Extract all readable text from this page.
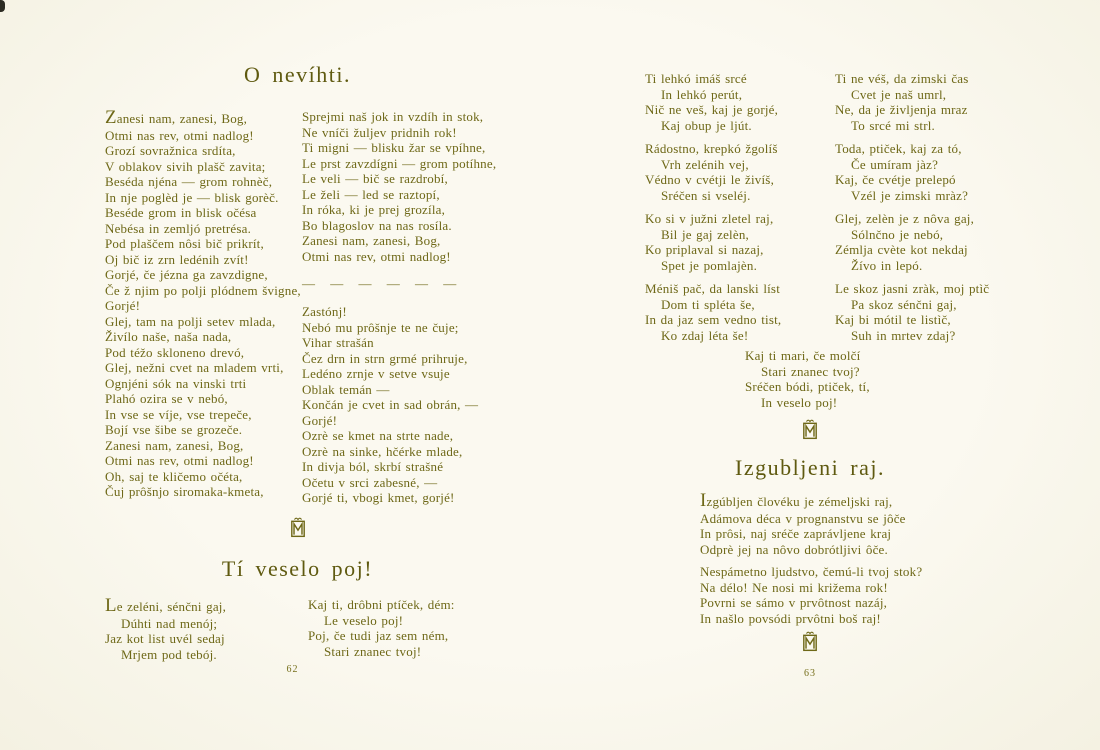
O nevíhti.
Zanesi nam, zanesi, Bog,
Otmi nas rev, otmi nadlog!
Grozí sovražnica srdíta,
V oblakov sivih plašč zavita;
Beséda njéna — grom rohnèč,
In nje poglèd je — blisk gorèč.
Beséde grom in blisk očésa
Nebésa in zemljó pretrésa.
Pod plaščem nôsi bič prikrít,
Oj bič iz zrn ledénih zvít!
Gorjé, če jézna ga zavzdigne,
Če ž njim po polji plódnem švigne,
Gorjé!
Glej, tam na polji setev mlada,
Živílo naše, naša nada,
Pod téžo skloneno drevó,
Glej, nežni cvet na mladem vrti,
Ognjéni sók na vinski trti
Plahó ozira se v nebó,
In vse se víje, vse trepeče,
Bojí vse šibe se grozeče.
Zanesi nam, zanesi, Bog,
Otmi nas rev, otmi nadlog!
Oh, saj te kličemo očéta,
Čuj prôšnjo siromaka-kmeta,
Sprejmi naš jok in vzdíh in stok,
Ne vníči žuljev pridnih rok!
Ti migni — blisku žar se vpíhne,
Le prst zavzdígni — grom potíhne,
Le veli — bič se razdrobí,
Le želi — led se raztopí,
In róka, ki je prej grozíla,
Bo blagoslov na nas rosíla.
Zanesi nam, zanesi, Bog,
Otmi nas rev, otmi nadlog!
— — — — — —
Zastónj!
Nebó mu prôšnje te ne čuje;
Vihar strašán
Čez drn in strn grmé prihruje,
Ledéno zrnje v setve vsuje
Oblak temán —
Končán je cvet in sad obrán, —
Gorjé!
Ozrè se kmet na strte nade,
Ozrè na sinke, hčérke mlade,
In divja ból, skrbí strašné
Očetu v srci zabesné, —
Gorjé ti, vbogi kmet, gorjé!
Tí veselo poj!
Le zeléni, sénčni gaj,
Dúhti nad menój;
Jaz kot list uvél sedaj
Mrjem pod tebój.
Kaj ti, drôbni ptíček, dém:
Le veselo poj!
Poj, če tudi jaz sem ném,
Stari znanec tvoj!
62
Ti lehkó imáš srcé
In lehkó perút,
Nič ne veš, kaj je gorjé,
Kaj obup je ljút.
Rádostno, krepkó žgolíš
Vrh zelénih vej,
Védno v cvétji le živíš,
Sréčen si vseléj.
Ko si v južni zletel raj,
Bil je gaj zelèn,
Ko priplaval si nazaj,
Spet je pomlajèn.
Méniš pač, da lanski líst
Dom ti spléta še,
In da jaz sem vedno tist,
Ko zdaj léta še!
Ti ne véš, da zimski čas
Cvet je naš umrl,
Ne, da je življenja mraz
To srcé mi strl.
Toda, ptiček, kaj za tó,
Če umíram jàz?
Kaj, če cvétje prelepó
Vzél je zimski mràz?
Glej, zelèn je z nôva gaj,
Sólnčno je nebó,
Zémlja cvète kot nekdaj
Žívo in lepó.
Le skoz jasni zràk, moj ptìč
Pa skoz sénčni gaj,
Kaj bi mótil te listìč,
Suh in mrtev zdaj?
Kaj ti mari, če molčí
Stari znanec tvoj?
Sréčen bódi, ptiček, tí,
In veselo poj!
Izgubljeni raj.
Izgúbljen človéku je zémeljski raj,
Adámova déca v prognanstvu se jôče
In prôsi, naj sréče zaprávljene kraj
Odprè jej na nôvo dobrótljivi ôče.
Nespámetno ljudstvo, čemú-li tvoj stok?
Na délo! Ne nosi mi križema rok!
Povrni se sámo v prvôtnost nazáj,
In našlo povsódi prvôtni boš raj!
63
